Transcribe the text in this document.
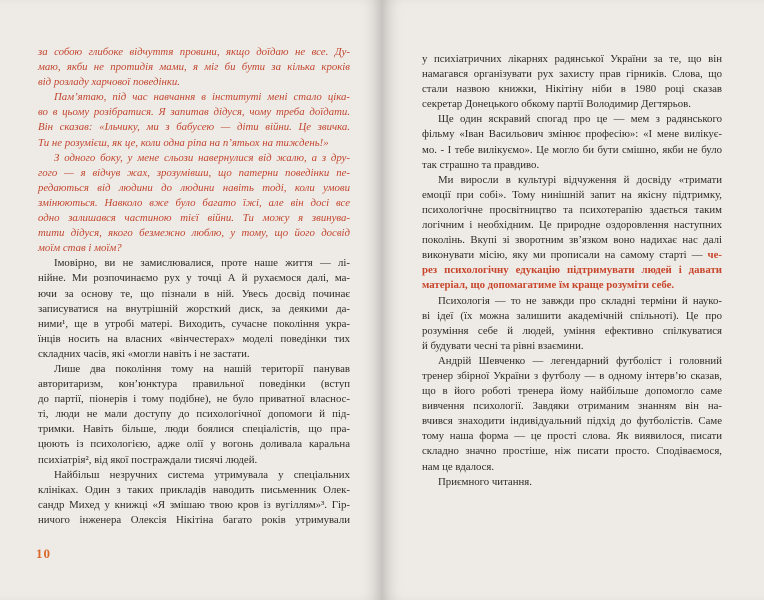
за собою глибоке відчуття провини, якщо доїдаю не все. Ду-
маю, якби не протидія мами, я міг би бути за кілька кроків
від розладу харчової поведінки.
Пам’ятаю, під час навчання в інституті мені стало ціка-
во в цьому розібратися. Я запитав дідуся, чому треба доїдати.
Він сказав: «Ільчику, ми з бабусею — діти війни. Це звичка.
Ти не розумієш, як це, коли одна ріпа на п’ятьох на тиждень!»
З одного боку, у мене сльози навернулися від жалю, а з дру-
гого — я відчув жах, зрозумівши, що патерни поведінки пе-
редаються від людини до людини навіть тоді, коли умови
змінюються. Навколо вже було багато їжі, але він досі все
одно залишався частиною тієї війни. Ти можу я звинува-
тити дідуся, якого безмежно люблю, у тому, що його досвід
моїм став і моїм?
Імовірно, ви не замислювалися, проте наше життя — лі-
нійне. Ми розпочинаємо рух у точці А й рухаємося далі, ма-
ючи за основу те, що пізнали в ній. Увесь досвід починає
записуватися на внутрішній жорсткий диск, за деякими да-
ними¹, ще в утробі матері. Виходить, сучасне покоління укра-
їнців носить на власних «вінчестерах» моделі поведінки тих
складних часів, які «могли навіть і не застати.
Лише два покоління тому на нашій території панував
авторитаризм, кон’юнктура правильної поведінки (вступ
до партії, піонерів і тому подібне), не було приватної власнос-
ті, люди не мали доступу до психологічної допомоги й під-
тримки. Навіть більше, люди боялися спеціалістів, що пра-
цюють із психологією, адже олії у вогонь доливала каральна
психіатрія², від якої постраждали тисячі людей.
Найбільш незручних система утримувала у спеціальних
клініках. Один з таких прикладів наводить письменник Олек-
сандр Михед у книжці «Я змішаю твою кров із вугіллям»³. Гір-
ничого інженера Олексія Нікітіна багато років утримували
10
у психіатричних лікарнях радянської України за те, що він
намагався організувати рух захисту прав гірників. Слова, що
стали назвою книжки, Нікітіну ніби в 1980 році сказав
секретар Донецького обкому партії Володимир Дегтярьов.
Ще один яскравий спогад про це — мем з радянського
фільму «Іван Васильович змінює професію»: «І мене вилікує-
мо. - І тебе вилікуємо». Це могло би бути смішно, якби не було
так страшно та правдиво.
Ми виросли в культурі відчуження й досвіду «тримати
емоції при собі». Тому нинішній запит на якісну підтримку,
психологічне просвітництво та психотерапію здається таким
логічним і необхідним. Це природне оздоровлення наступних
поколінь. Вкупі зі зворотним зв’язком воно надихає нас далі
виконувати місію, яку ми прописали на самому старті — че-
рез психологічну едукацію підтримувати людей і давати
матеріал, що допомагатиме їм краще розуміти себе.
Психологія — то не завжди про складні терміни й науко-
ві ідеї (їх можна залишити академічній спільноті). Це про
розуміння себе й людей, уміння ефективно спілкуватися
й будувати чесні та рівні взаємини.
Андрій Шевченко — легендарний футболіст і головний
тренер збірної України з футболу — в одному інтерв’ю сказав,
що в його роботі тренера йому найбільше допомогло саме
вивчення психології. Завдяки отриманим знанням він на-
вчився знаходити індивідуальний підхід до футболістів. Саме
тому наша форма — це прості слова. Як виявилося, писати
складно значно простіше, ніж писати просто. Сподіваємося,
нам це вдалося.
Приємного читання.
